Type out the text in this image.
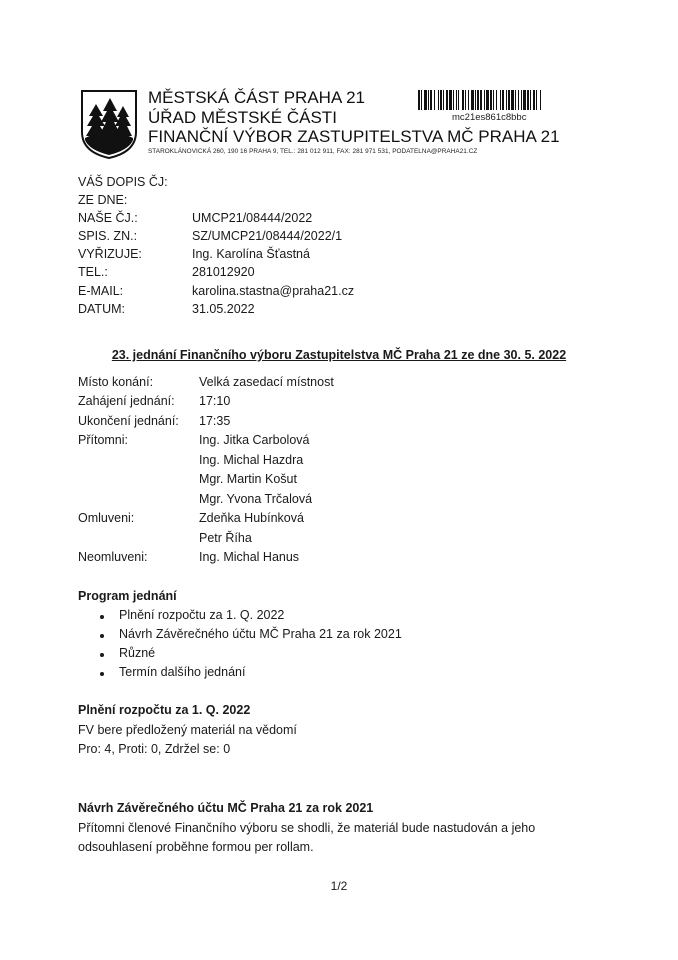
MĚSTSKÁ ČÁST PRAHA 21
ÚŘAD MĚSTSKÉ ČÁSTI
FINANČNÍ VÝBOR ZASTUPITELSTVA MČ PRAHA 21
STAROKLÁNOVICKÁ 260, 190 16 PRAHA 9, TEL.: 281 012 911, FAX: 281 971 531, PODATELNA@PRAHA21.CZ
mc21es861c8bbc
VÁŠ DOPIS ČJ:
ZE DNE:
NAŠE ČJ.:	UMCP21/08444/2022
SPIS. ZN.:	SZ/UMCP21/08444/2022/1
VYŘIZUJE:	Ing. Karolína Šťastná
TEL.:	281012920
E-MAIL:	karolina.stastna@praha21.cz
DATUM:	31.05.2022
23. jednání Finančního výboru Zastupitelstva MČ Praha 21 ze dne 30. 5. 2022
Místo konání:	Velká zasedací místnost
Zahájení jednání: 17:10
Ukončení jednání: 17:35
Přítomni:	Ing. Jitka Carbolová
Ing. Michal Hazdra
Mgr. Martin Košut
Mgr. Yvona Trčalová
Omluveni:	Zdeňka Hubínková
Petr Říha
Neomluveni:	Ing. Michal Hanus
Program jednání
Plnění rozpočtu za 1. Q. 2022
Návrh Závěrečného účtu MČ Praha 21 za rok 2021
Různé
Termín dalšího jednání
Plnění rozpočtu za 1. Q. 2022
FV bere předložený materiál na vědomí
Pro: 4, Proti: 0, Zdržel se: 0
Návrh Závěrečného účtu MČ Praha 21 za rok 2021
Přítomni členové Finančního výboru se shodli, že materiál bude nastudován a jeho
odsouhlasení proběhne formou per rollam.
1/2
